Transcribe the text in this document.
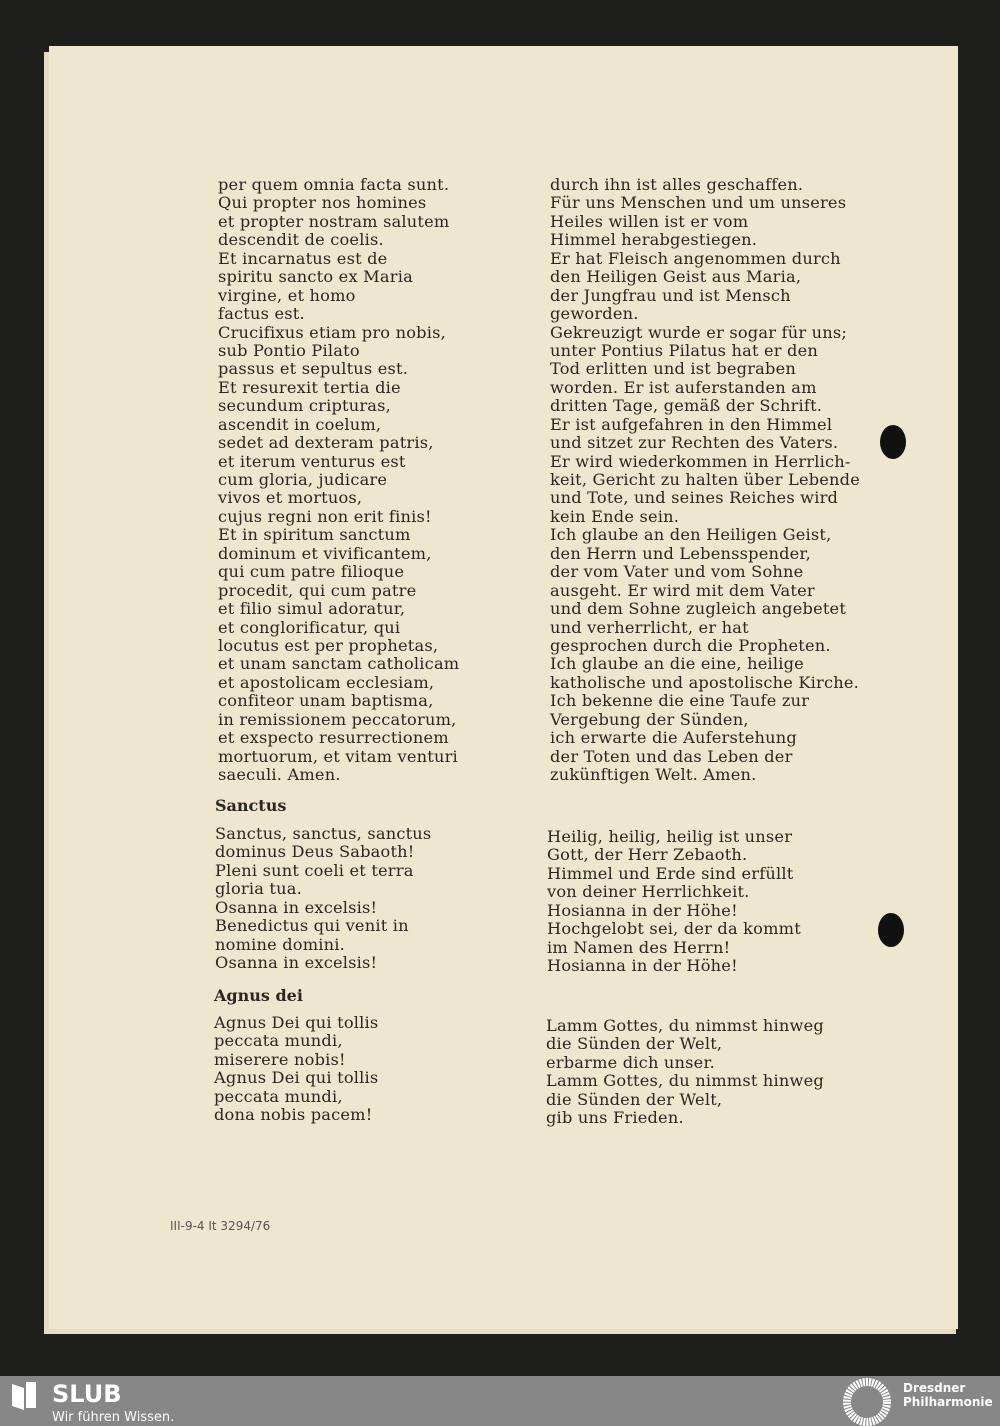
per quem omnia facta sunt.
Qui propter nos homines
et propter nostram salutem
descendit de coelis.
Et incarnatus est de
spiritu sancto ex Maria
virgine, et homo
factus est.
Crucifixus etiam pro nobis,
sub Pontio Pilato
passus et sepultus est.
Et resurexit tertia die
secundum cripturas,
ascendit in coelum,
sedet ad dexteram patris,
et iterum venturus est
cum gloria, judicare
vivos et mortuos,
cujus regni non erit finis!
Et in spiritum sanctum
dominum et vivificantem,
qui cum patre filioque
procedit, qui cum patre
et filio simul adoratur,
et conglorificatur, qui
locutus est per prophetas,
et unam sanctam catholicam
et apostolicam ecclesiam,
confiteor unam baptisma,
in remissionem peccatorum,
et exspecto resurrectionem
mortuorum, et vitam venturi
saeculi. Amen.
durch ihn ist alles geschaffen.
Für uns Menschen und um unseres
Heiles willen ist er vom
Himmel herabgestiegen.
Er hat Fleisch angenommen durch
den Heiligen Geist aus Maria,
der Jungfrau und ist Mensch
geworden.
Gekreuzigt wurde er sogar für uns;
unter Pontius Pilatus hat er den
Tod erlitten und ist begraben
worden. Er ist auferstanden am
dritten Tage, gemäß der Schrift.
Er ist aufgefahren in den Himmel
und sitzet zur Rechten des Vaters.
Er wird wiederkommen in Herrlich-
keit, Gericht zu halten über Lebende
und Tote, und seines Reiches wird
kein Ende sein.
Ich glaube an den Heiligen Geist,
den Herrn und Lebensspender,
der vom Vater und vom Sohne
ausgeht. Er wird mit dem Vater
und dem Sohne zugleich angebetet
und verherrlicht, er hat
gesprochen durch die Propheten.
Ich glaube an die eine, heilige
katholische und apostolische Kirche.
Ich bekenne die eine Taufe zur
Vergebung der Sünden,
ich erwarte die Auferstehung
der Toten und das Leben der
zukünftigen Welt. Amen.
Sanctus
Sanctus, sanctus, sanctus
dominus Deus Sabaoth!
Pleni sunt coeli et terra
gloria tua.
Osanna in excelsis!
Benedictus qui venit in
nomine domini.
Osanna in excelsis!
Heilig, heilig, heilig ist unser
Gott, der Herr Zebaoth.
Himmel und Erde sind erfüllt
von deiner Herrlichkeit.
Hosianna in der Höhe!
Hochgelobt sei, der da kommt
im Namen des Herrn!
Hosianna in der Höhe!
Agnus dei
Agnus Dei qui tollis
peccata mundi,
miserere nobis!
Agnus Dei qui tollis
peccata mundi,
dona nobis pacem!
Lamm Gottes, du nimmst hinweg
die Sünden der Welt,
erbarme dich unser.
Lamm Gottes, du nimmst hinweg
die Sünden der Welt,
gib uns Frieden.
III-9-4 It 3294/76
SLUB
Wir führen Wissen.
Dresdner
Philharmonie
